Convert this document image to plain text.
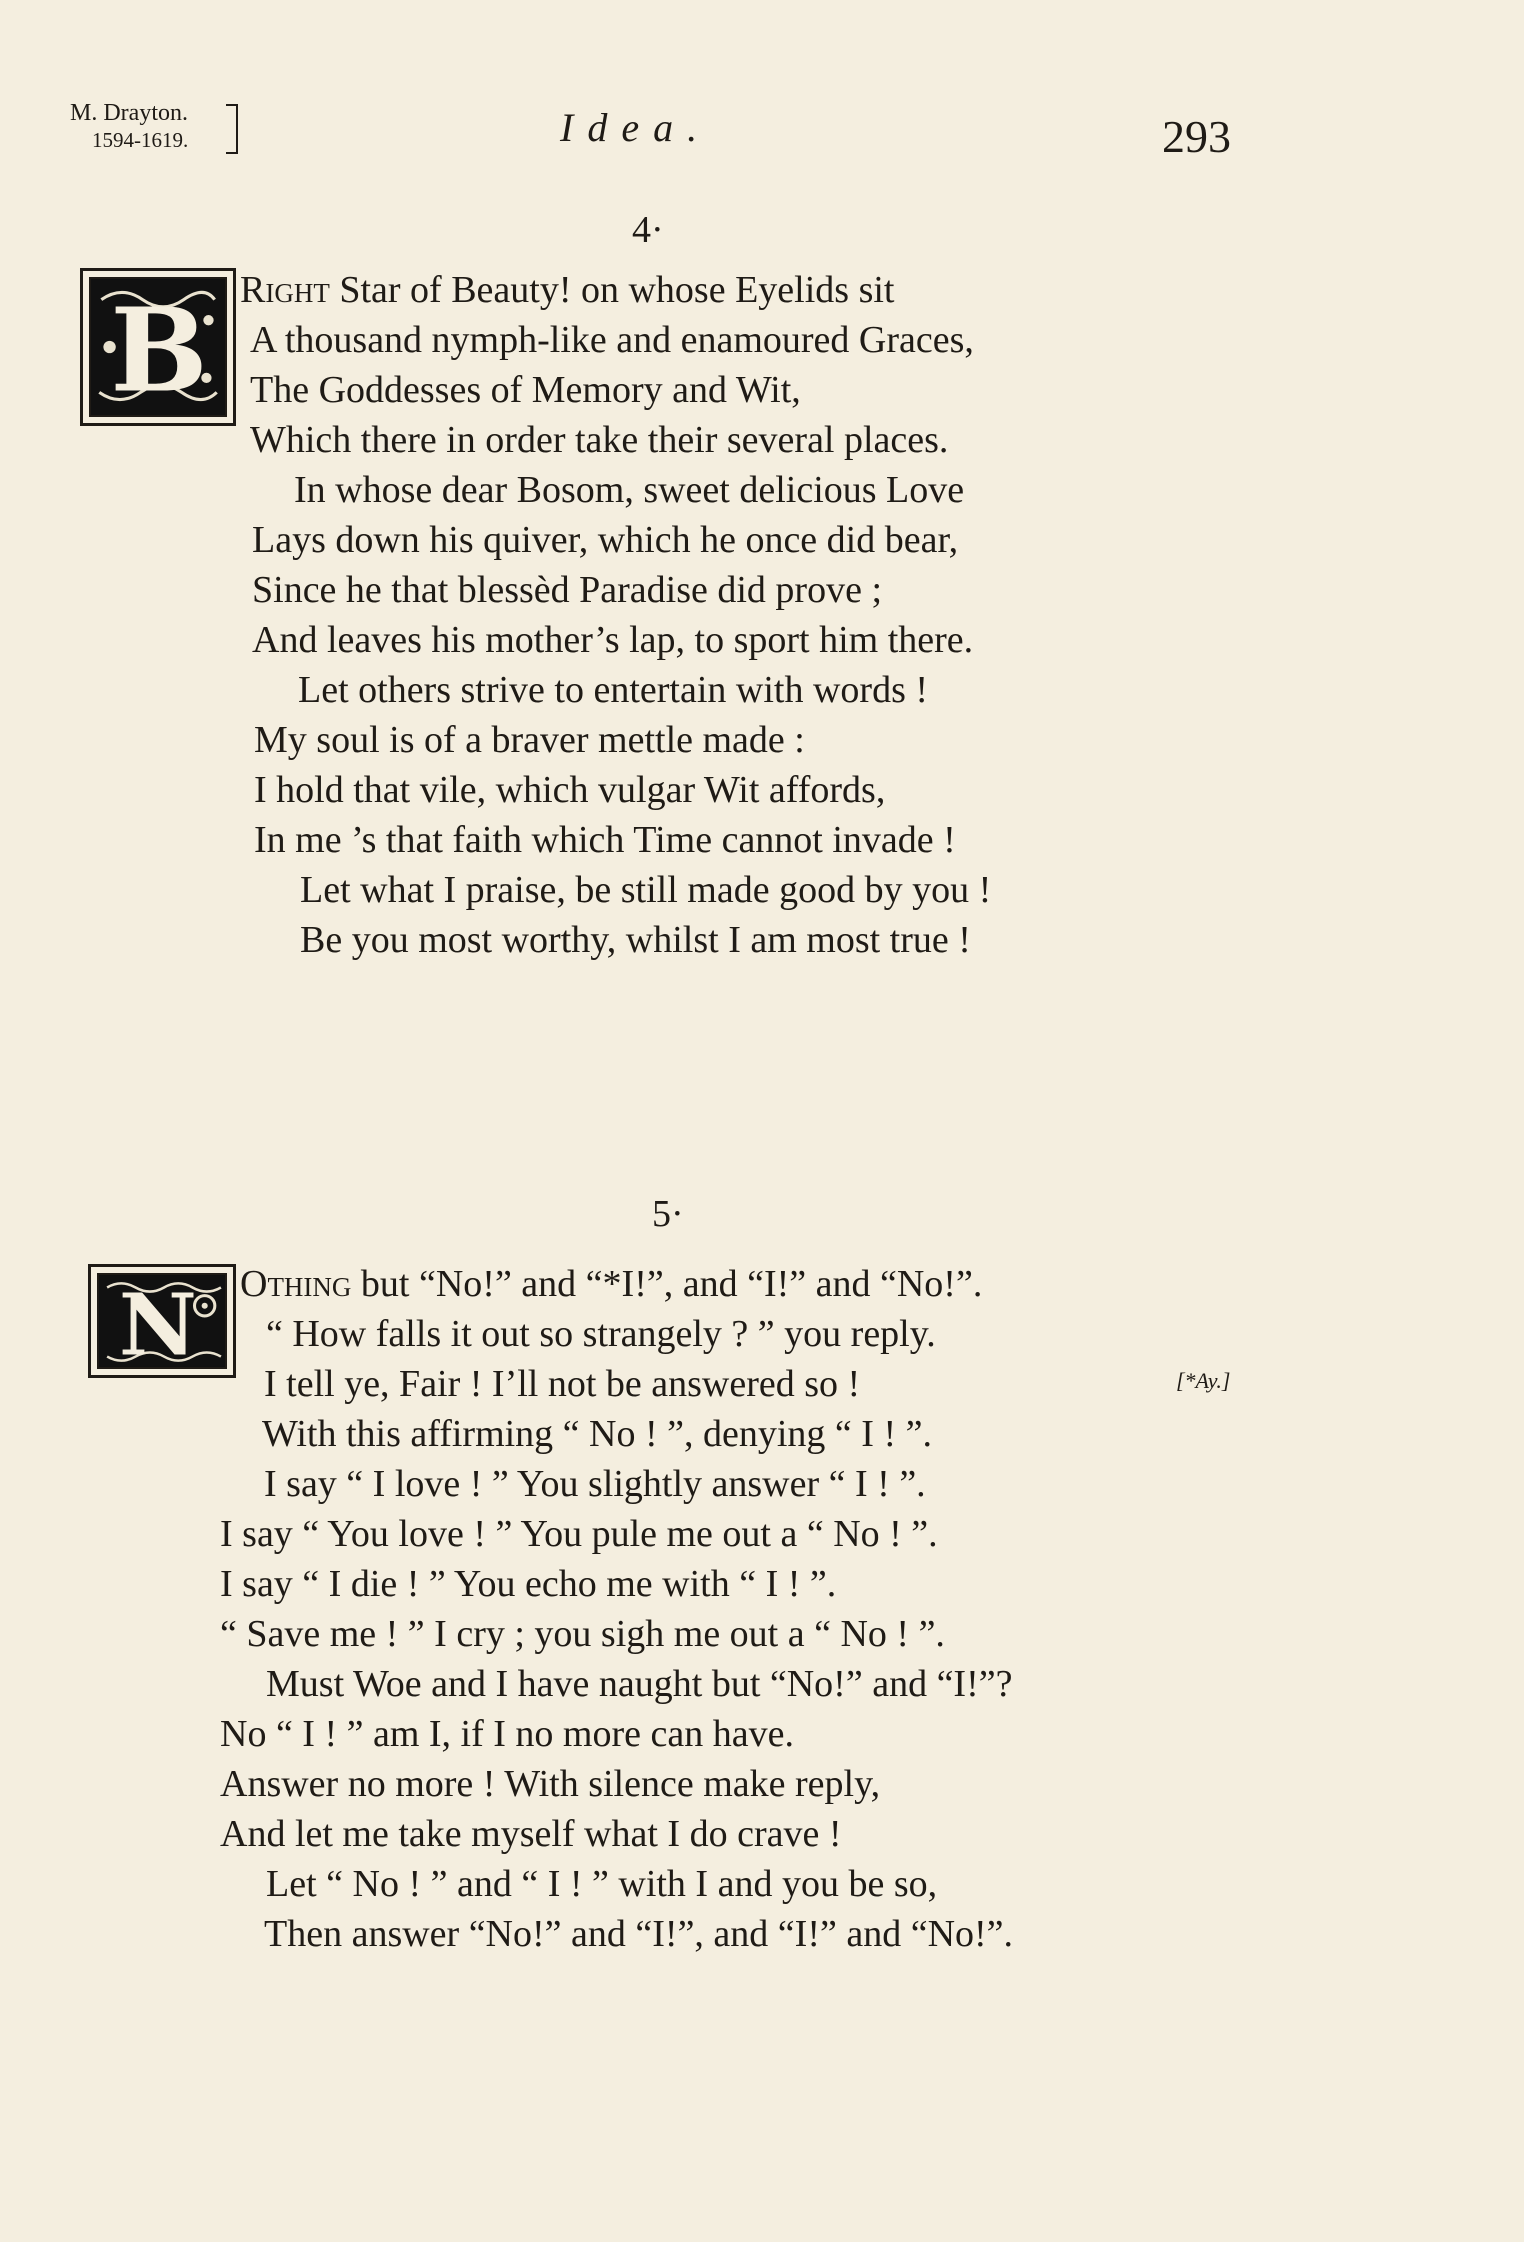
M. Drayton.
1594-1619.	Idea.	293
4·
B Right Star of Beauty! on whose Eyelids sit
A thousand nymph-like and enamoured Graces,
The Goddesses of Memory and Wit,
Which there in order take their several places.
In whose dear Bosom, sweet delicious Love
Lays down his quiver, which he once did bear,
Since he that blessèd Paradise did prove ;
And leaves his mother’s lap, to sport him there.
Let others strive to entertain with words !
My soul is of a braver mettle made :
I hold that vile, which vulgar Wit affords,
In me ’s that faith which Time cannot invade !
Let what I praise, be still made good by you !
Be you most worthy, whilst I am most true !
5·
N Othing but “No!” and “*I!”, and “I!” and “No!”.
“ How falls it out so strangely ? ” you reply.
I tell ye, Fair ! I’ll not be answered so !
With this affirming “ No ! ”, denying “ I ! ”.
I say “ I love ! ” You slightly answer “ I ! ”.
I say “ You love ! ” You pule me out a “ No ! ”.
I say “ I die ! ” You echo me with “ I ! ”.
“ Save me ! ” I cry ; you sigh me out a “ No ! ”.
Must Woe and I have naught but “No!” and “I!”?
No “ I ! ” am I, if I no more can have.
Answer no more ! With silence make reply,
And let me take myself what I do crave !
Let “ No ! ” and “ I ! ” with I and you be so,
Then answer “No!” and “I!”, and “I!” and “No!”.
[*Ay.]
